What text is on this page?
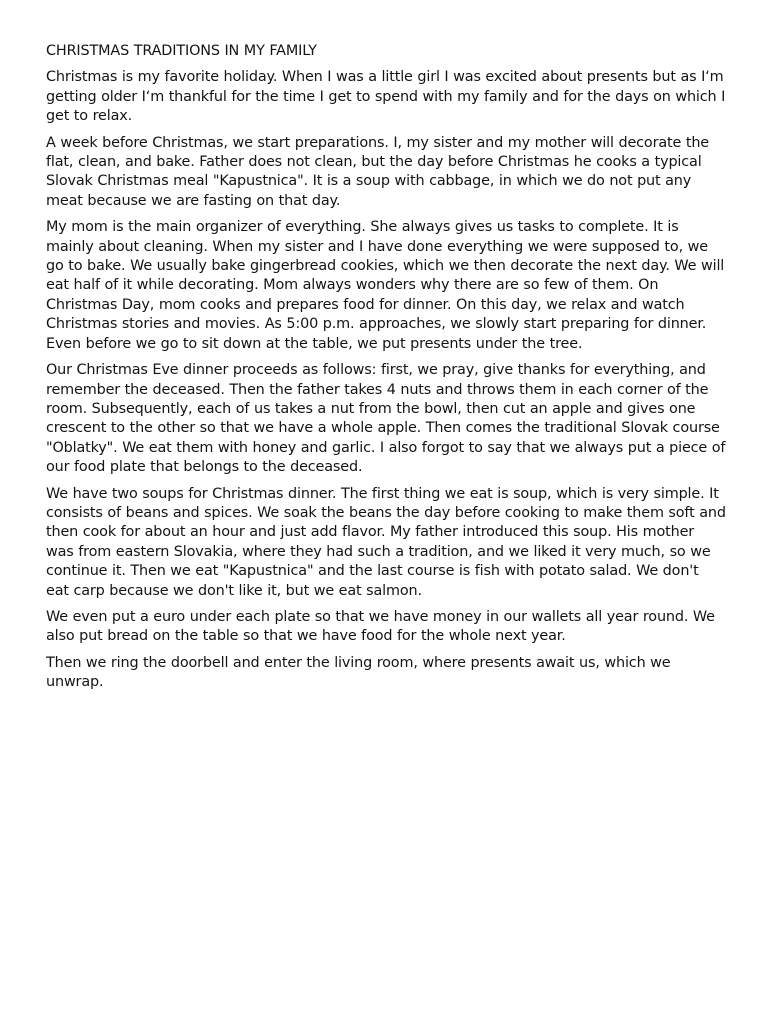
CHRISTMAS TRADITIONS IN MY FAMILY

Christmas is my favorite holiday. When I was a little girl I was excited about presents but as I‘m getting older I‘m thankful for the time I get to spend with my family and for the days on which I get to relax.

A week before Christmas, we start preparations. I, my sister and my mother will decorate the flat, clean, and bake. Father does not clean, but the day before Christmas he cooks a typical Slovak Christmas meal "Kapustnica". It is a soup with cabbage, in which we do not put any meat because we are fasting on that day.

My mom is the main organizer of everything. She always gives us tasks to complete. It is mainly about cleaning. When my sister and I have done everything we were supposed to, we go to bake. We usually bake gingerbread cookies, which we then decorate the next day. We will eat half of it while decorating. Mom always wonders why there are so few of them. On Christmas Day, mom cooks and prepares food for dinner. On this day, we relax and watch Christmas stories and movies. As 5:00 p.m. approaches, we slowly start preparing for dinner. Even before we go to sit down at the table, we put presents under the tree.

Our Christmas Eve dinner proceeds as follows: first, we pray, give thanks for everything, and remember the deceased. Then the father takes 4 nuts and throws them in each corner of the room. Subsequently, each of us takes a nut from the bowl, then cut an apple and gives one crescent to the other so that we have a whole apple. Then comes the traditional Slovak course "Oblatky". We eat them with honey and garlic. I also forgot to say that we always put a piece of our food plate that belongs to the deceased.

We have two soups for Christmas dinner. The first thing we eat is soup, which is very simple. It consists of beans and spices. We soak the beans the day before cooking to make them soft and then cook for about an hour and just add flavor. My father introduced this soup. His mother was from eastern Slovakia, where they had such a tradition, and we liked it very much, so we continue it. Then we eat "Kapustnica" and the last course is fish with potato salad. We don't eat carp because we don't like it, but we eat salmon.

We even put a euro under each plate so that we have money in our wallets all year round. We also put bread on the table so that we have food for the whole next year.

Then we ring the doorbell and enter the living room, where presents await us, which we unwrap.
